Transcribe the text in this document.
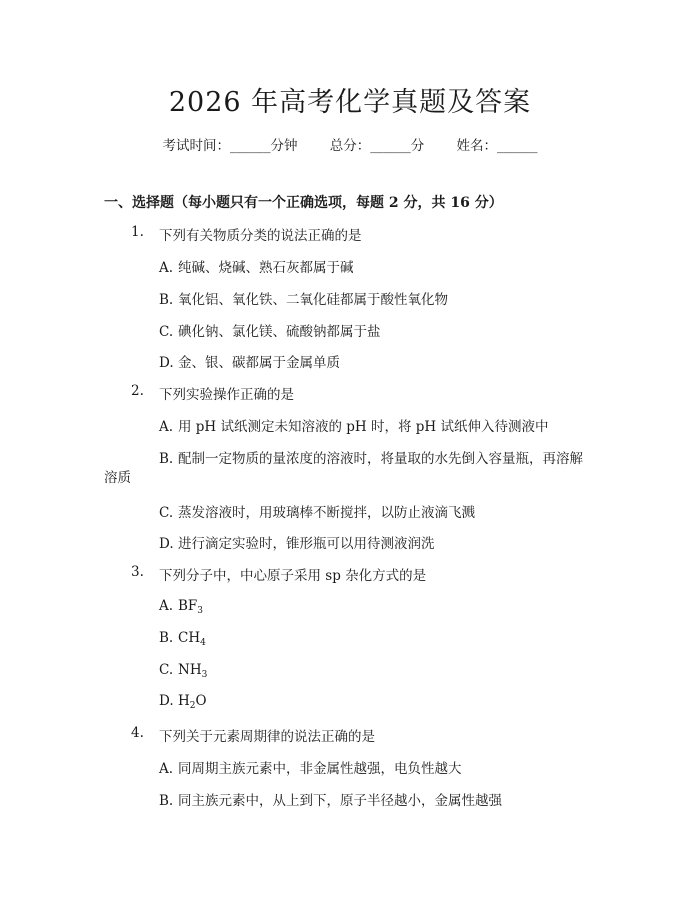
2026 年高考化学真题及答案
考试时间：______分钟 总分：______分 姓名：______
一、选择题（每小题只有一个正确选项，每题 2 分，共 16 分）
1. 下列有关物质分类的说法正确的是
A. 纯碱、烧碱、熟石灰都属于碱
B. 氧化铝、氧化铁、二氧化硅都属于酸性氧化物
C. 碘化钠、氯化镁、硫酸钠都属于盐
D. 金、银、碳都属于金属单质
2. 下列实验操作正确的是
A. 用 pH 试纸测定未知溶液的 pH 时，将 pH 试纸伸入待测液中
B. 配制一定物质的量浓度的溶液时，将量取的水先倒入容量瓶，再溶解
溶质
C. 蒸发溶液时，用玻璃棒不断搅拌，以防止液滴飞溅
D. 进行滴定实验时，锥形瓶可以用待测液润洗
3. 下列分子中，中心原子采用 sp 杂化方式的是
A. $BF_3$
B. $CH_4$
C. $NH_3$
D. $H_2O$
4. 下列关于元素周期律的说法正确的是
A. 同周期主族元素中，非金属性越强，电负性越大
B. 同主族元素中，从上到下，原子半径越小，金属性越强
